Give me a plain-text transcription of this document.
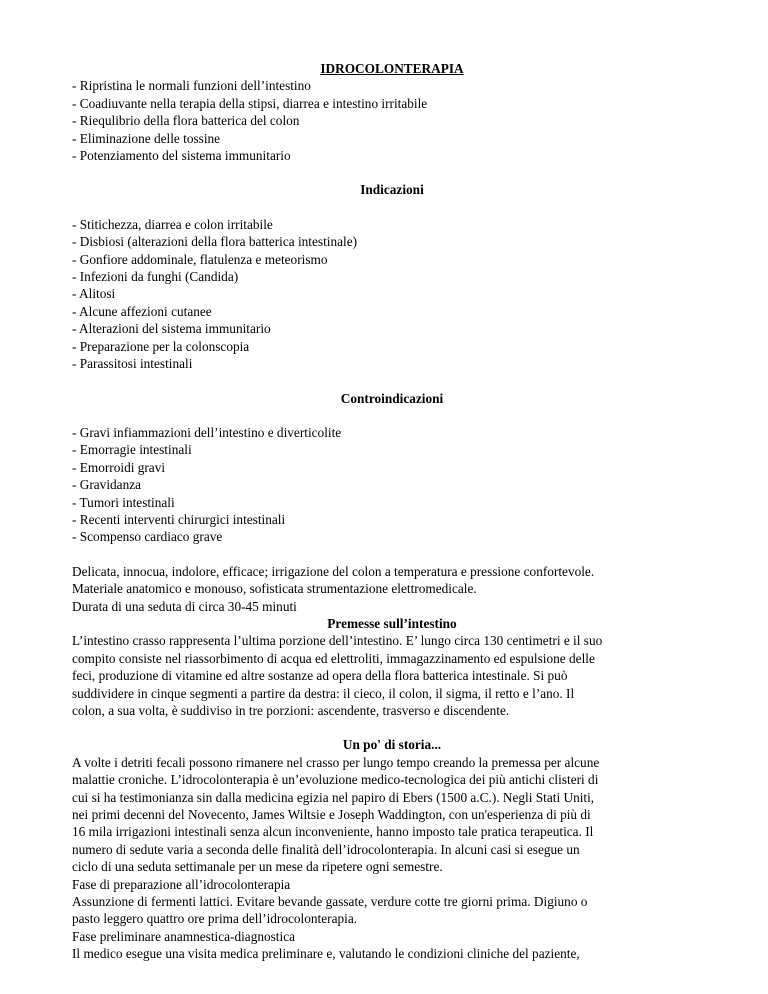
IDROCOLONTERAPIA
- Ripristina le normali funzioni dell’intestino
- Coadiuvante nella terapia della stipsi, diarrea e intestino irritabile
- Riequlibrio della flora batterica del colon
- Eliminazione delle tossine
- Potenziamento del sistema immunitario
Indicazioni
- Stitichezza, diarrea e colon irritabile
- Disbiosi (alterazioni della flora batterica intestinale)
- Gonfiore addominale, flatulenza e meteorismo
- Infezioni da funghi (Candida)
- Alitosi
- Alcune affezioni cutanee
- Alterazioni del sistema immunitario
- Preparazione per la colonscopia
- Parassitosi intestinali
Controindicazioni
- Gravi infiammazioni dell’intestino e diverticolite
- Emorragie intestinali
- Emorroidi gravi
- Gravidanza
- Tumori intestinali
- Recenti interventi chirurgici intestinali
- Scompenso cardiaco grave
Delicata, innocua, indolore, efficace; irrigazione del colon a temperatura e pressione confortevole.
Materiale anatomico e monouso, sofisticata strumentazione elettromedicale.
Durata di una seduta di circa 30-45 minuti
Premesse sull’intestino
L’intestino crasso rappresenta l’ultima porzione dell’intestino. E’ lungo circa 130 centimetri e il suo
compito consiste nel riassorbimento di acqua ed elettroliti, immagazzinamento ed espulsione delle
feci, produzione di vitamine ed altre sostanze ad opera della flora batterica intestinale. Si può
suddividere in cinque segmenti a partire da destra: il cieco, il colon, il sigma, il retto e l’ano. Il
colon, a sua volta, è suddiviso in tre porzioni: ascendente, trasverso e discendente.
Un po' di storia...
A volte i detriti fecali possono rimanere nel crasso per lungo tempo creando la premessa per alcune
malattie croniche. L’idrocolonterapia è un’evoluzione medico-tecnologica dei più antichi clisteri di
cui si ha testimonianza sin dalla medicina egizia nel papiro di Ebers (1500 a.C.). Negli Stati Uniti,
nei primi decenni del Novecento, James Wiltsie e Joseph Waddington, con un'esperienza di più di
16 mila irrigazioni intestinali senza alcun inconveniente, hanno imposto tale pratica terapeutica. Il
numero di sedute varia a seconda delle finalità dell’idrocolonterapia. In alcuni casi si esegue un
ciclo di una seduta settimanale per un mese da ripetere ogni semestre.
Fase di preparazione all’idrocolonterapia
Assunzione di fermenti lattici. Evitare bevande gassate, verdure cotte tre giorni prima. Digiuno o
pasto leggero quattro ore prima dell’idrocolonterapia.
Fase preliminare anamnestica-diagnostica
Il medico esegue una visita medica preliminare e, valutando le condizioni cliniche del paziente,
